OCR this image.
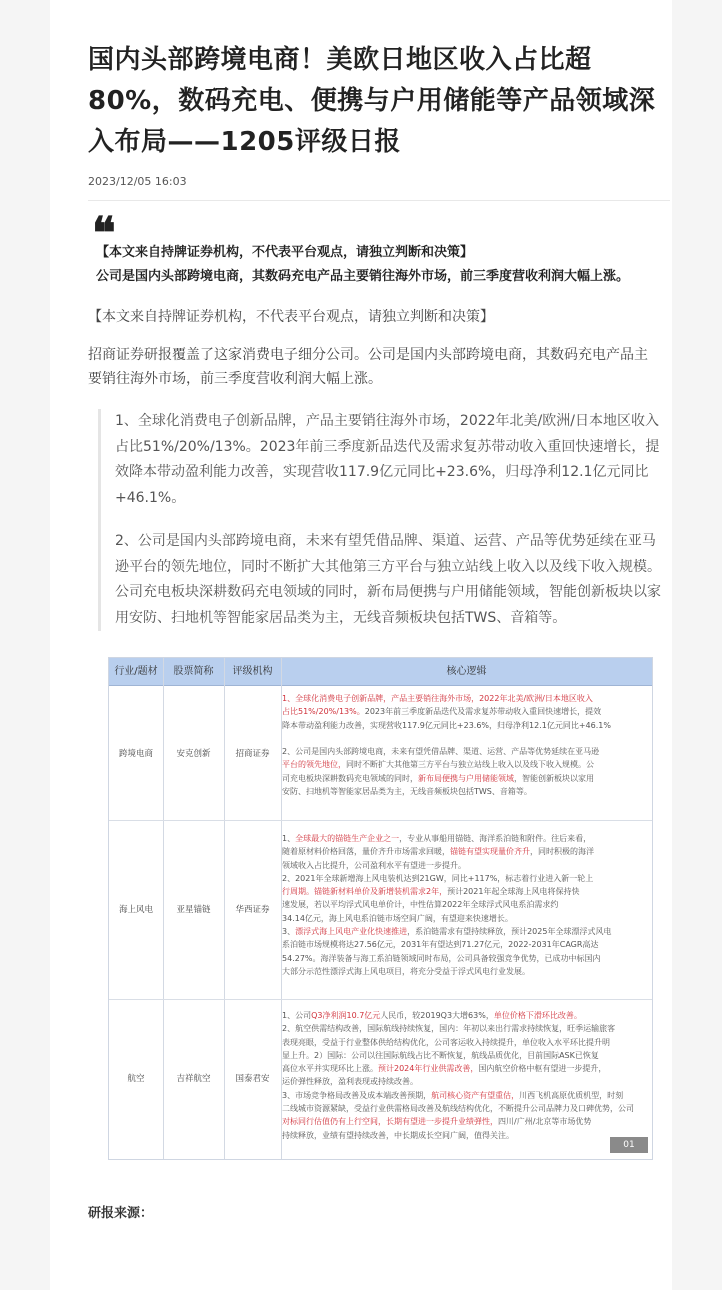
国内头部跨境电商！美欧日地区收入占比超80%，数码充电、便携与户用储能等产品领域深入布局——1205评级日报
2023/12/05 16:03
❝
【本文来自持牌证券机构，不代表平台观点，请独立判断和决策】
公司是国内头部跨境电商，其数码充电产品主要销往海外市场，前三季度营收利润大幅上涨。

【本文来自持牌证券机构，不代表平台观点，请独立判断和决策】

招商证券研报覆盖了这家消费电子细分公司。公司是国内头部跨境电商，其数码充电产品主要销往海外市场，前三季度营收利润大幅上涨。

1、全球化消费电子创新品牌，产品主要销往海外市场，2022年北美/欧洲/日本地区收入占比51%/20%/13%。2023年前三季度新品迭代及需求复苏带动收入重回快速增长，提效降本带动盈利能力改善，实现营收117.9亿元同比+23.6%，归母净利12.1亿元同比+46.1%。

2、公司是国内头部跨境电商，未来有望凭借品牌、渠道、运营、产品等优势延续在亚马逊平台的领先地位，同时不断扩大其他第三方平台与独立站线上收入以及线下收入规模。公司充电板块深耕数码充电领域的同时，新布局便携与户用储能领域，智能创新板块以家用安防、扫地机等智能家居品类为主，无线音频板块包括TWS、音箱等。

行业/题材	股票简称	评级机构	核心逻辑
跨境电商	安克创新	招商证券
1、全球化消费电子创新品牌，产品主要销往海外市场，2022年北美/欧洲/日本地区收入
占比51%/20%/13%。2023年前三季度新品迭代及需求复苏带动收入重回快速增长，提效
降本带动盈利能力改善，实现营收117.9亿元同比+23.6%，归母净利12.1亿元同比+46.1%

2、公司是国内头部跨境电商，未来有望凭借品牌、渠道、运营、产品等优势延续在亚马逊
平台的领先地位，同时不断扩大其他第三方平台与独立站线上收入以及线下收入规模。公
司充电板块深耕数码充电领域的同时，新布局便携与户用储能领域，智能创新板块以家用
安防、扫地机等智能家居品类为主，无线音频板块包括TWS、音箱等。
海上风电	亚星锚链	华西证券
1、全球最大的锚链生产企业之一，专业从事船用锚链、海洋系泊链和附件。往后来看，
随着原材料价格回落，量价齐升市场需求回暖，锚链有望实现量价齐升，同时积极的海洋
领域收入占比提升，公司盈利水平有望进一步提升。
2、2021年全球新增海上风电装机达到21GW，同比+117%，标志着行业进入新一轮上
行周期。锚链新材料单价及新增装机需求2年，预计2021年起全球海上风电将保持快
速发展，若以平均浮式风电单价计，中性估算2022年全球浮式风电系泊需求约
34.14亿元，海上风电系泊链市场空间广阔，有望迎来快速增长。
3、漂浮式海上风电产业化快速推进，系泊链需求有望持续释放，预计2025年全球漂浮式风电
系泊链市场规模将达27.56亿元，2031年有望达到71.27亿元，2022-2031年CAGR高达
54.27%。海洋装备与海工系泊链领域同时布局，公司具备较强竞争优势，已成功中标国内
大部分示范性漂浮式海上风电项目，将充分受益于浮式风电行业发展。
航空	吉祥航空	国泰君安
1、公司Q3净利润10.7亿元人民币，较2019Q3大增63%，单位价格下滑环比改善。
2、航空供需结构改善，国际航线持续恢复，国内：年初以来出行需求持续恢复，旺季运输旅客
表现亮眼，受益于行业整体供给结构优化，公司客运收入持续提升，单位收入水平环比提升明
显上升。2）国际：公司以往国际航线占比不断恢复，航线品质优化，目前国际ASK已恢复
高位水平并实现环比上涨。预计2024年行业供需改善，国内航空价格中枢有望进一步提升，
运价弹性释放，盈利表现或持续改善。
3、市场竞争格局改善及成本端改善预期，航司核心资产有望重估，川西飞机高原优质机型，时刻
二线城市资源紧缺，受益行业供需格局改善及航线结构优化，不断提升公司品牌力及口碑优势，公司
对标同行估值仍有上行空间，长期有望进一步提升业绩弹性，四川/广州/北京等市场优势
持续释放，业绩有望持续改善，中长期成长空间广阔，值得关注。
01
研报来源：
